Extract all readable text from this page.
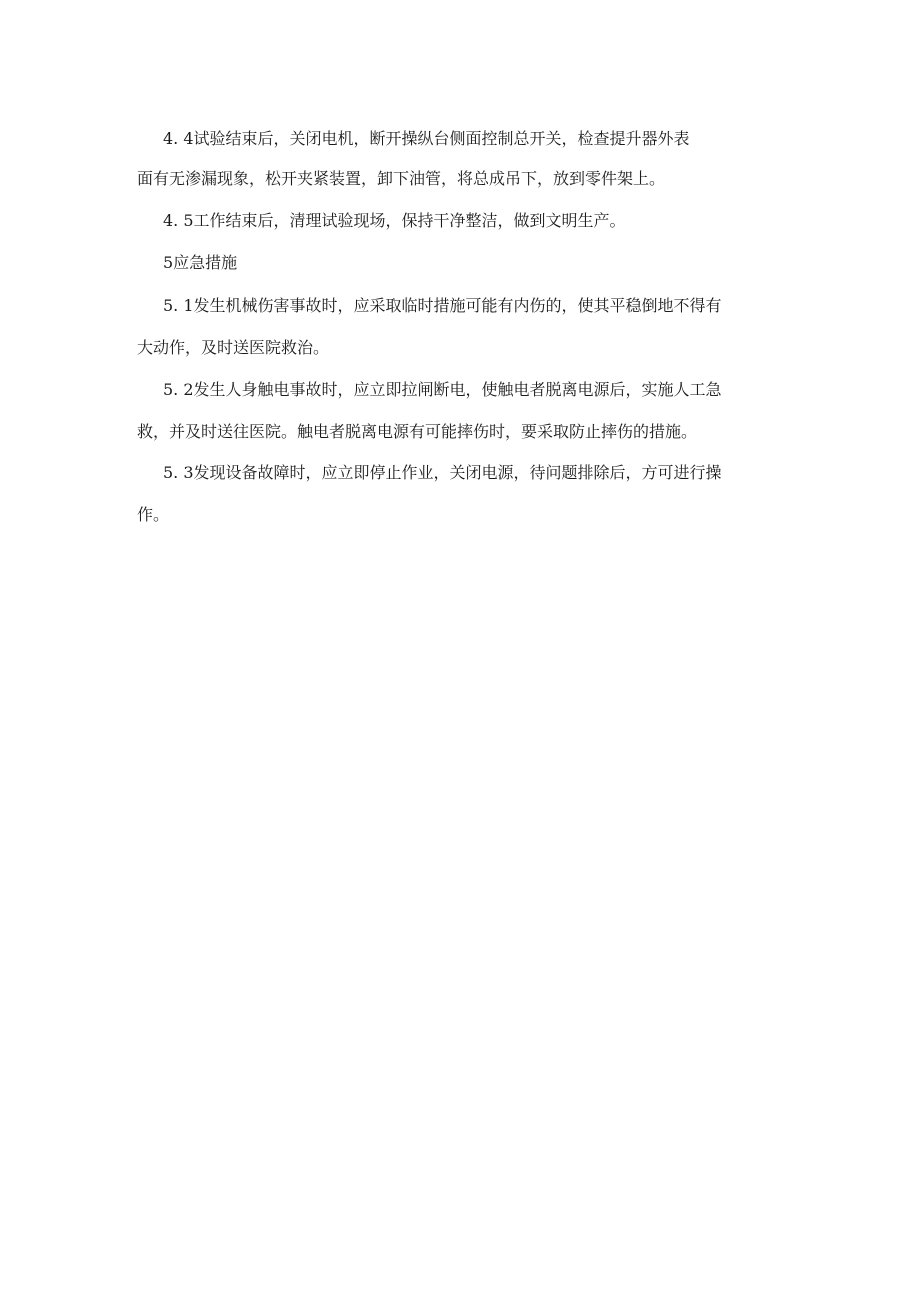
4. 4试验结束后，关闭电机，断开操纵台侧面控制总开关，检查提升器外表
面有无渗漏现象，松开夹紧装置，卸下油管，将总成吊下，放到零件架上。
4. 5工作结束后，清理试验现场，保持干净整洁，做到文明生产。
5应急措施
5. 1发生机械伤害事故时，应采取临时措施可能有内伤的，使其平稳倒地不得有
大动作，及时送医院救治。
5. 2发生人身触电事故时，应立即拉闸断电，使触电者脱离电源后，实施人工急
救，并及时送往医院。触电者脱离电源有可能摔伤时，要采取防止摔伤的措施。
5. 3发现设备故障时，应立即停止作业，关闭电源，待问题排除后，方可进行操
作。
